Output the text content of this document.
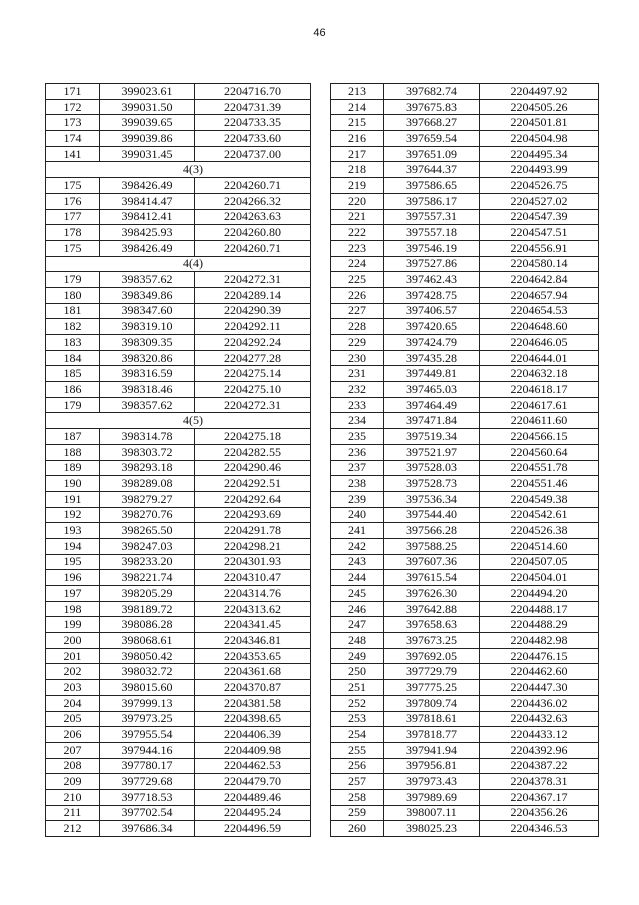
46
171	399023.61	2204716.70
172	399031.50	2204731.39
173	399039.65	2204733.35
174	399039.86	2204733.60
141	399031.45	2204737.00
4(3)		
175	398426.49	2204260.71
176	398414.47	2204266.32
177	398412.41	2204263.63
178	398425.93	2204260.80
175	398426.49	2204260.71
4(4)		
179	398357.62	2204272.31
180	398349.86	2204289.14
181	398347.60	2204290.39
182	398319.10	2204292.11
183	398309.35	2204292.24
184	398320.86	2204277.28
185	398316.59	2204275.14
186	398318.46	2204275.10
179	398357.62	2204272.31
4(5)		
187	398314.78	2204275.18
188	398303.72	2204282.55
189	398293.18	2204290.46
190	398289.08	2204292.51
191	398279.27	2204292.64
192	398270.76	2204293.69
193	398265.50	2204291.78
194	398247.03	2204298.21
195	398233.20	2204301.93
196	398221.74	2204310.47
197	398205.29	2204314.76
198	398189.72	2204313.62
199	398086.28	2204341.45
200	398068.61	2204346.81
201	398050.42	2204353.65
202	398032.72	2204361.68
203	398015.60	2204370.87
204	397999.13	2204381.58
205	397973.25	2204398.65
206	397955.54	2204406.39
207	397944.16	2204409.98
208	397780.17	2204462.53
209	397729.68	2204479.70
210	397718.53	2204489.46
211	397702.54	2204495.24
212	397686.34	2204496.59
213	397682.74	2204497.92
214	397675.83	2204505.26
215	397668.27	2204501.81
216	397659.54	2204504.98
217	397651.09	2204495.34
218	397644.37	2204493.99
219	397586.65	2204526.75
220	397586.17	2204527.02
221	397557.31	2204547.39
222	397557.18	2204547.51
223	397546.19	2204556.91
224	397527.86	2204580.14
225	397462.43	2204642.84
226	397428.75	2204657.94
227	397406.57	2204654.53
228	397420.65	2204648.60
229	397424.79	2204646.05
230	397435.28	2204644.01
231	397449.81	2204632.18
232	397465.03	2204618.17
233	397464.49	2204617.61
234	397471.84	2204611.60
235	397519.34	2204566.15
236	397521.97	2204560.64
237	397528.03	2204551.78
238	397528.73	2204551.46
239	397536.34	2204549.38
240	397544.40	2204542.61
241	397566.28	2204526.38
242	397588.25	2204514.60
243	397607.36	2204507.05
244	397615.54	2204504.01
245	397626.30	2204494.20
246	397642.88	2204488.17
247	397658.63	2204488.29
248	397673.25	2204482.98
249	397692.05	2204476.15
250	397729.79	2204462.60
251	397775.25	2204447.30
252	397809.74	2204436.02
253	397818.61	2204432.63
254	397818.77	2204433.12
255	397941.94	2204392.96
256	397956.81	2204387.22
257	397973.43	2204378.31
258	397989.69	2204367.17
259	398007.11	2204356.26
260	398025.23	2204346.53
